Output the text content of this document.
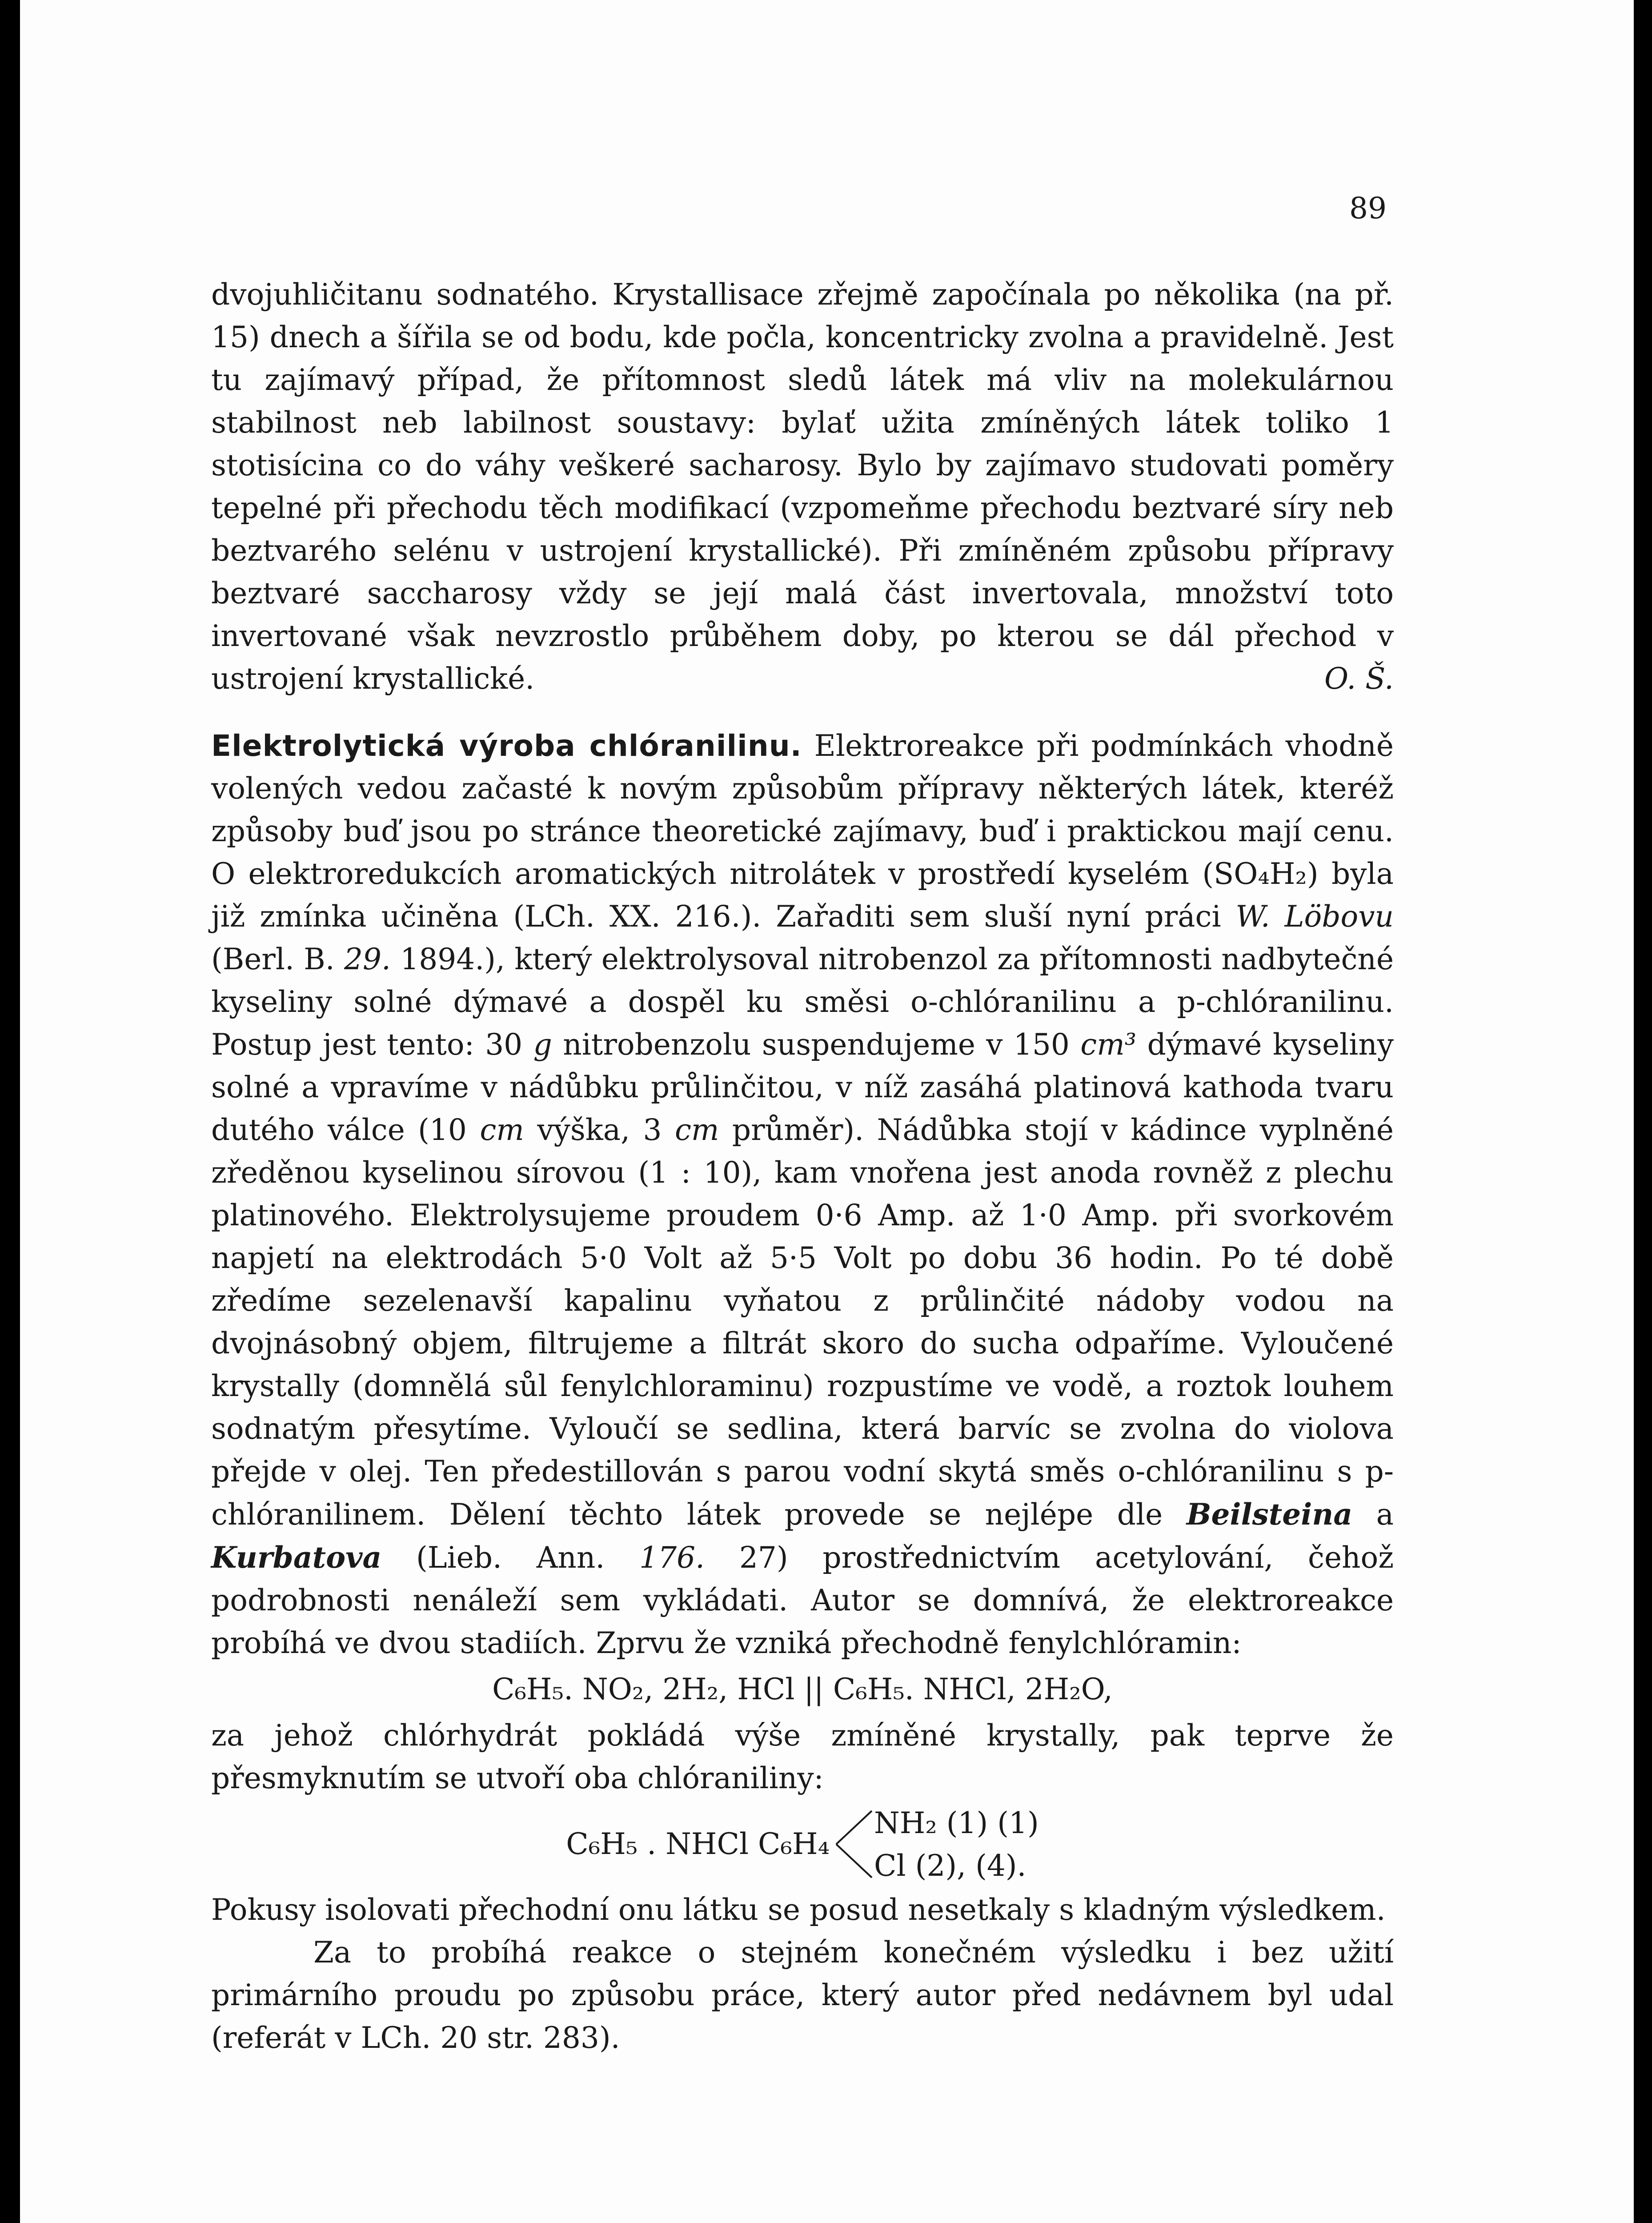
89
dvojuhličitanu sodnatého. Krystallisace zřejmě započínala po několika (na př. 15) dnech a šířila se od bodu, kde počla, koncentricky zvolna a pravidelně. Jest tu zajímavý případ, že přítomnost sledů látek má vliv na molekulárnou stabilnost neb labilnost soustavy: bylať užita zmíněných látek toliko 1 stotisícina co do váhy veškeré sacharosy. Bylo by zajímavo studovati poměry tepelné při přechodu těch modifikací (vzpomeňme přechodu beztvaré síry neb beztvarého selénu v ustrojení krystallické). Při zmíněném způsobu přípravy beztvaré saccharosy vždy se její malá část invertovala, množství toto invertované však nevzrostlo průběhem doby, po kterou se dál přechod v ustrojení krystallické.	O. Š.
Elektrolytická výroba chlóranilinu. Elektroreakce při podmínkách vhodně volených vedou začasté k novým způsobům přípravy některých látek, kteréž způsoby buď jsou po stránce theoretické zajímavy, buď i praktickou mají cenu. O elektroredukcích aromatických nitrolátek v prostředí kyselém (SO₄H₂) byla již zmínka učiněna (LCh. XX. 216.). Zařaditi sem sluší nyní práci W. Löbovu (Berl. B. 29. 1894.), který elektrolysoval nitrobenzol za přítomnosti nadbytečné kyseliny solné dýmavé a dospěl ku směsi o-chlóranilinu a p-chlóranilinu. Postup jest tento: 30 g nitrobenzolu suspendujeme v 150 cm³ dýmavé kyseliny solné a vpravíme v nádůbku průlinčitou, v níž zasáhá platinová kathoda tvaru dutého válce (10 cm výška, 3 cm průměr). Nádůbka stojí v kádince vyplněné zředěnou kyselinou sírovou (1 : 10), kam vnořena jest anoda rovněž z plechu platinového. Elektrolysujeme proudem 0·6 Amp. až 1·0 Amp. při svorkovém napjetí na elektrodách 5·0 Volt až 5·5 Volt po dobu 36 hodin. Po té době zředíme sezelenavší kapalinu vyňatou z průlinčité nádoby vodou na dvojnásobný objem, filtrujeme a filtrát skoro do sucha odpaříme. Vyloučené krystally (domnělá sůl fenylchloraminu) rozpustíme ve vodě, a roztok louhem sodnatým přesytíme. Vyloučí se sedlina, která barvíc se zvolna do violova přejde v olej. Ten předestillován s parou vodní skytá směs o-chlóranilinu s p-chlóranilinem. Dělení těchto látek provede se nejlépe dle Beilsteina a Kurbatova (Lieb. Ann. 176. 27) prostřednictvím acetylování, čehož podrobnosti nenáleží sem vykládati. Autor se domnívá, že elektroreakce probíhá ve dvou stadiích. Zprvu že vzniká přechodně fenylchlóramin:
C₆H₅. NO₂, 2H₂, HCl || C₆H₅. NHCl, 2H₂O,
za jehož chlórhydrát pokládá výše zmíněné krystally, pak teprve že přesmyknutím se utvoří oba chlóraniliny:
C₆H₅ . NHCl C₆H₄
NH₂ (1) (1)
Cl (2), (4).
Pokusy isolovati přechodní onu látku se posud nesetkaly s kladným výsledkem.
Za to probíhá reakce o stejném konečném výsledku i bez užití primárního proudu po způsobu práce, který autor před nedávnem byl udal (referát v LCh. 20 str. 283).
